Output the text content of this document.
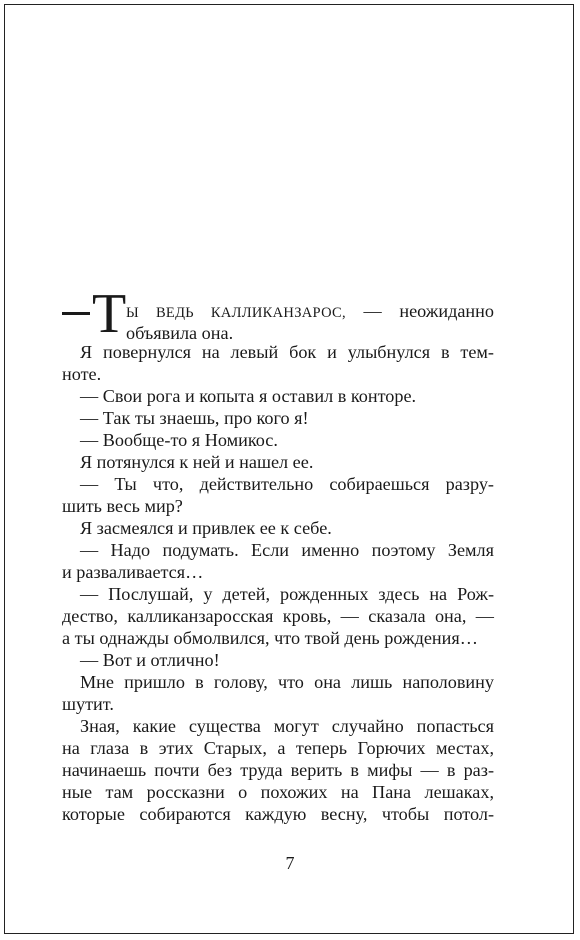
Т Ы ВЕДЬ КАЛЛИКАНЗАРОС, — неожиданно
объявила она.
Я повернулся на левый бок и улыбнулся в тем-
ноте.
— Свои рога и копыта я оставил в конторе.
— Так ты знаешь, про кого я!
— Вообще-то я Номикос.
Я потянулся к ней и нашел ее.
— Ты что, действительно собираешься разру-
шить весь мир?
Я засмеялся и привлек ее к себе.
— Надо подумать. Если именно поэтому Земля
и разваливается…
— Послушай, у детей, рожденных здесь на Рож-
дество, калликанзаросская кровь, — сказала она, —
а ты однажды обмолвился, что твой день рождения…
— Вот и отлично!
Мне пришло в голову, что она лишь наполовину
шутит.
Зная, какие существа могут случайно попасться
на глаза в этих Старых, а теперь Горючих местах,
начинаешь почти без труда верить в мифы — в раз-
ные там россказни о похожих на Пана лешаках,
которые собираются каждую весну, чтобы потол-
7
